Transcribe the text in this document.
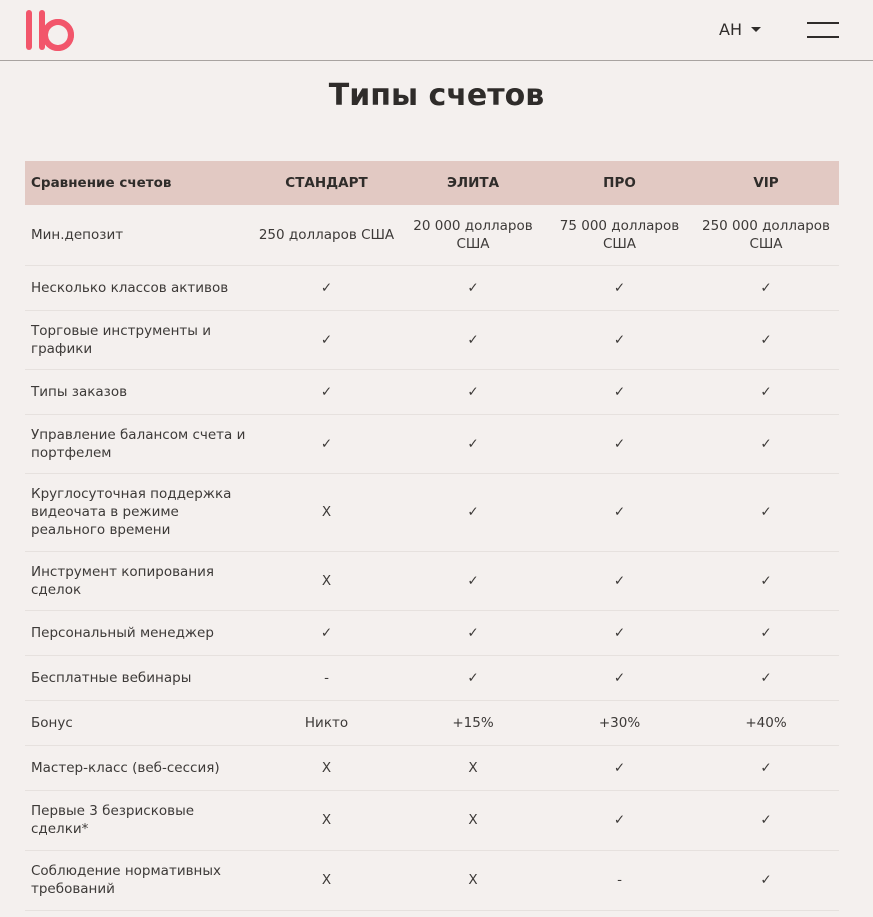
АН
Типы счетов
Сравнение счетов	СТАНДАРТ	ЭЛИТА	ПРО	VIP
Мин.депозит	250 долларов США	20 000 долларов США	75 000 долларов США	250 000 долларов США
Несколько классов активов	✓	✓	✓	✓
Торговые инструменты и графики	✓	✓	✓	✓
Типы заказов	✓	✓	✓	✓
Управление балансом счета и портфелем	✓	✓	✓	✓
Круглосуточная поддержка видеочата в режиме реального времени	X	✓	✓	✓
Инструмент копирования сделок	X	✓	✓	✓
Персональный менеджер	✓	✓	✓	✓
Бесплатные вебинары	-	✓	✓	✓
Бонус	Никто	+15%	+30%	+40%
Мастер-класс (веб-сессия)	X	X	✓	✓
Первые 3 безрисковые сделки*	X	X	✓	✓
Соблюдение нормативных требований	X	X	-	✓
